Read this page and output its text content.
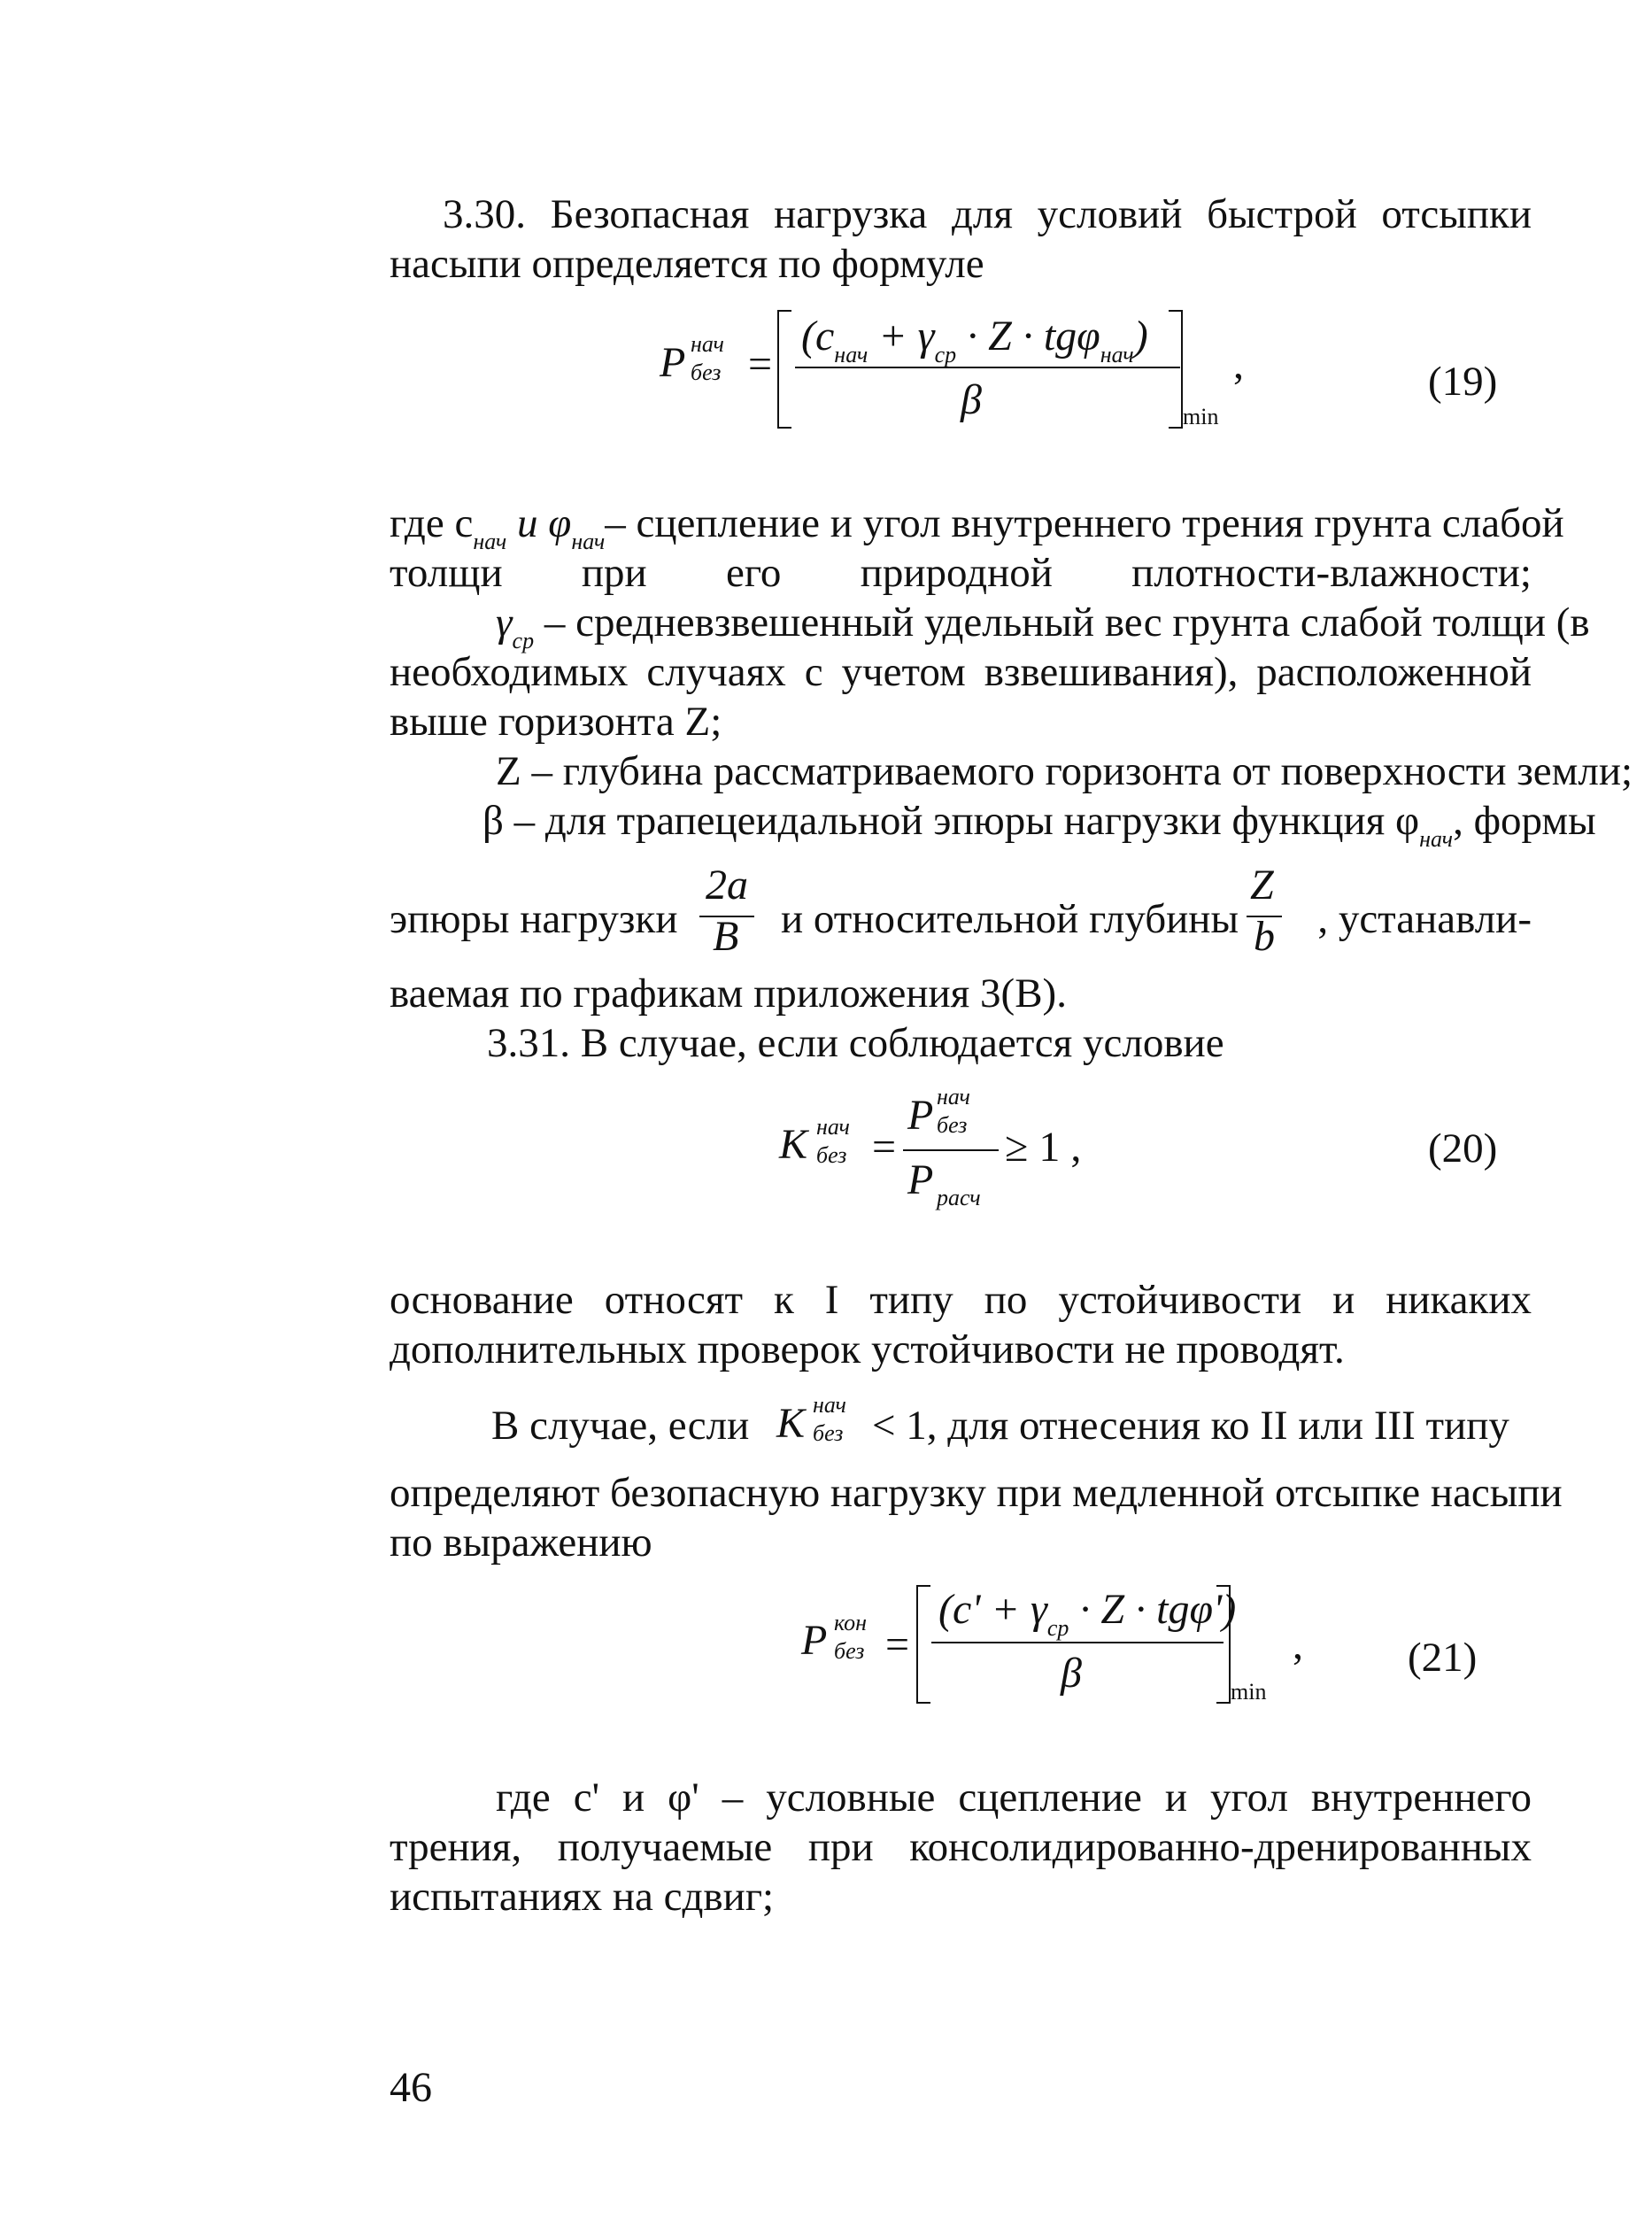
3.30. Безопасная нагрузка для условий быстрой отсыпки
насыпи определяется по формуле
P нач
без =
$(c_{нач} + \gamma_{ср} \cdot Z \cdot tg\varphi_{нач})$
β	min
,	(19)
где $c_{нач}$ и $\varphi_{нач}-$ сцепление и угол внутреннего трения грунта слабой
толщи при его природной плотности-влажности;
$\gamma_{ср}$ – средневзвешенный удельный вес грунта слабой толщи (в
необходимых случаях с учетом взвешивания), расположенной
выше горизонта Z;
Z – глубина рассматриваемого горизонта от поверхности земли;
β – для трапецеидальной эпюры нагрузки функция $\varphi_{нач}$, формы
эпюры нагрузки
2a
B и относительной глубины
Z
b	, устанавли-
ваемая по графикам приложения 3(В).
3.31. В случае, если соблюдается условие
K нач
без =
P нач
без
P расч
≥ 1 ,	(20)
основание относят к I типу по устойчивости и никаких
дополнительных проверок устойчивости не проводят.
В случае, если K нач
без < 1, для отнесения ко II или III типу
определяют безопасную нагрузку при медленной отсыпке насыпи
по выражению
P кон
без =
$(c' + \gamma_{ср} \cdot Z \cdot tg\varphi')$
β	min
,	(21)
где c' и φ' – условные сцепление и угол внутреннего
трения, получаемые при консолидированно-дренированных
испытаниях на сдвиг;
46
